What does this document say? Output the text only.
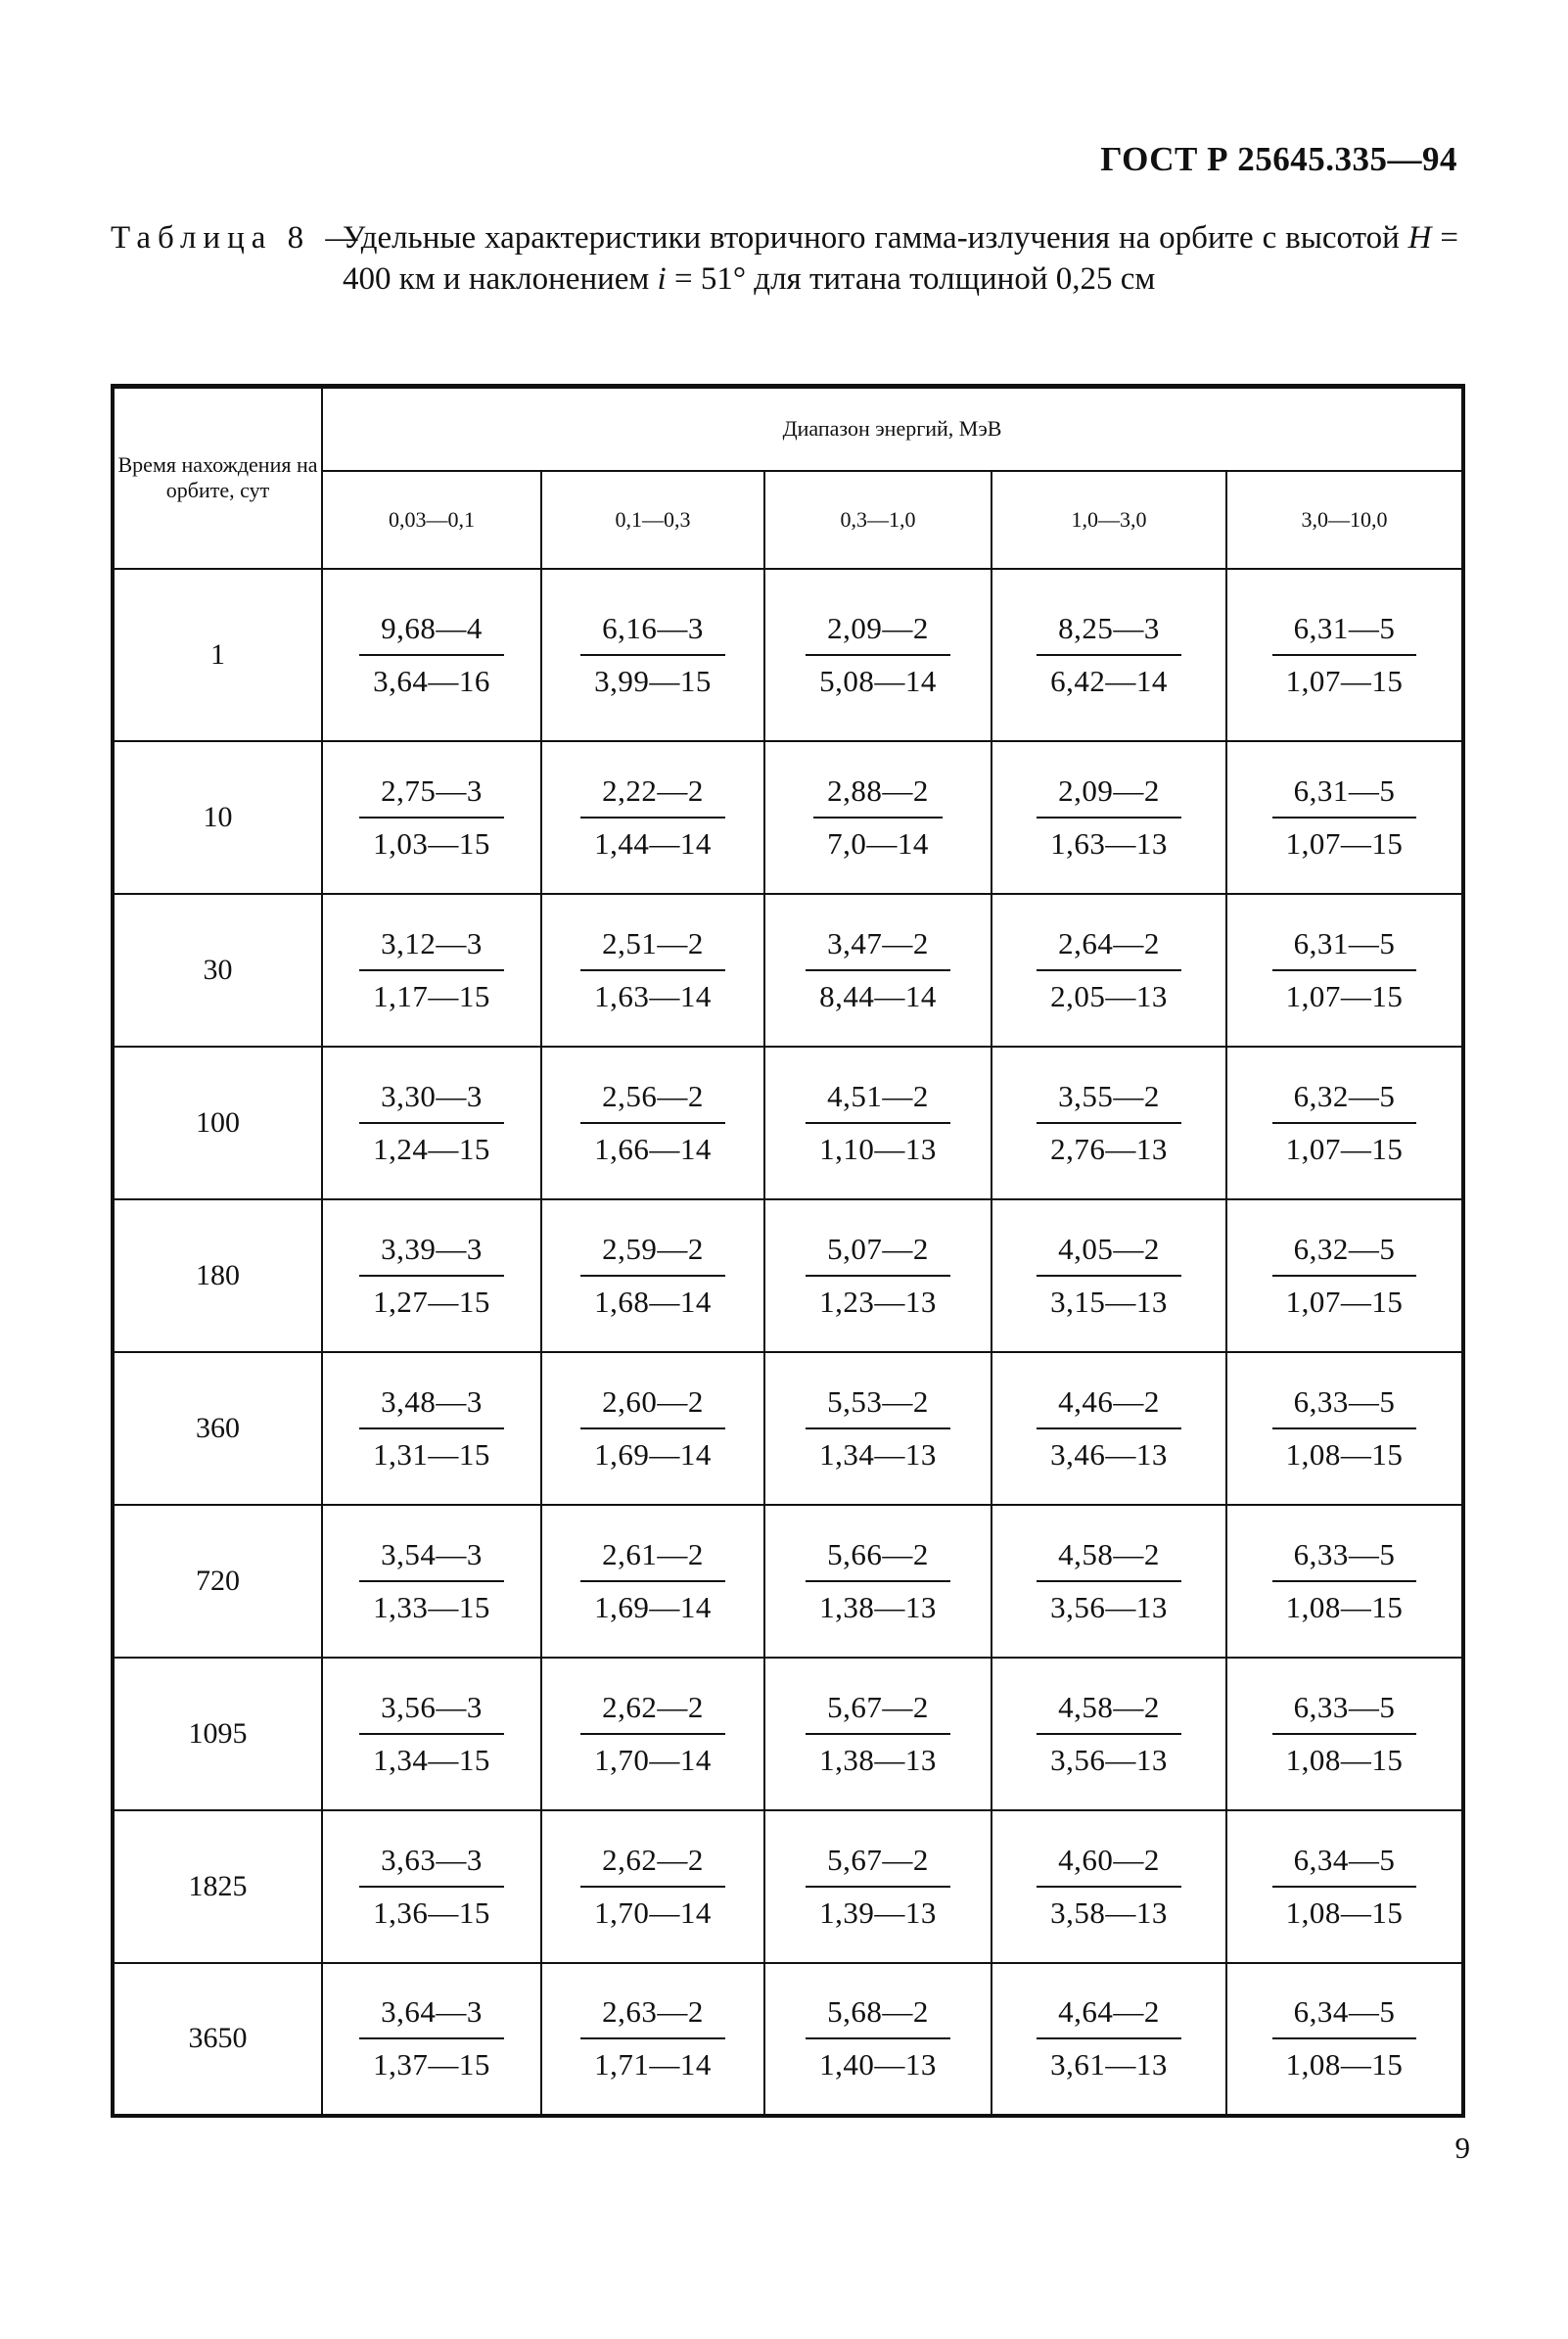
ГОСТ Р 25645.335—94
Таблица 8 —
Удельные характеристики вторичного гамма-излучения на орбите с высотой H = 400 км и наклонением i = 51° для титана толщиной 0,25 см
Время нахождения на орбите, сут	Диапазон энергий, МэВ				
	0,03—0,1	0,1—0,3	0,3—1,0	1,0—3,0	3,0—10,0
1	$\frac{9,68—4}{3,64—16}$	$\frac{6,16—3}{3,99—15}$	$\frac{2,09—2}{5,08—14}$	$\frac{8,25—3}{6,42—14}$	$\frac{6,31—5}{1,07—15}$

10	$\frac{2,75—3}{1,03—15}$	$\frac{2,22—2}{1,44—14}$	$\frac{2,88—2}{7,0—14}$	$\frac{2,09—2}{1,63—13}$	$\frac{6,31—5}{1,07—15}$

30	$\frac{3,12—3}{1,17—15}$	$\frac{2,51—2}{1,63—14}$	$\frac{3,47—2}{8,44—14}$	$\frac{2,64—2}{2,05—13}$	$\frac{6,31—5}{1,07—15}$

100	$\frac{3,30—3}{1,24—15}$	$\frac{2,56—2}{1,66—14}$	$\frac{4,51—2}{1,10—13}$	$\frac{3,55—2}{2,76—13}$	$\frac{6,32—5}{1,07—15}$

180	$\frac{3,39—3}{1,27—15}$	$\frac{2,59—2}{1,68—14}$	$\frac{5,07—2}{1,23—13}$	$\frac{4,05—2}{3,15—13}$	$\frac{6,32—5}{1,07—15}$

360	$\frac{3,48—3}{1,31—15}$	$\frac{2,60—2}{1,69—14}$	$\frac{5,53—2}{1,34—13}$	$\frac{4,46—2}{3,46—13}$	$\frac{6,33—5}{1,08—15}$

720	$\frac{3,54—3}{1,33—15}$	$\frac{2,61—2}{1,69—14}$	$\frac{5,66—2}{1,38—13}$	$\frac{4,58—2}{3,56—13}$	$\frac{6,33—5}{1,08—15}$

1095	$\frac{3,56—3}{1,34—15}$	$\frac{2,62—2}{1,70—14}$	$\frac{5,67—2}{1,38—13}$	$\frac{4,58—2}{3,56—13}$	$\frac{6,33—5}{1,08—15}$

1825	$\frac{3,63—3}{1,36—15}$	$\frac{2,62—2}{1,70—14}$	$\frac{5,67—2}{1,39—13}$	$\frac{4,60—2}{3,58—13}$	$\frac{6,34—5}{1,08—15}$

3650	$\frac{3,64—3}{1,37—15}$	$\frac{2,63—2}{1,71—14}$	$\frac{5,68—2}{1,40—13}$	$\frac{4,64—2}{3,61—13}$	$\frac{6,34—5}{1,08—15}$
9
